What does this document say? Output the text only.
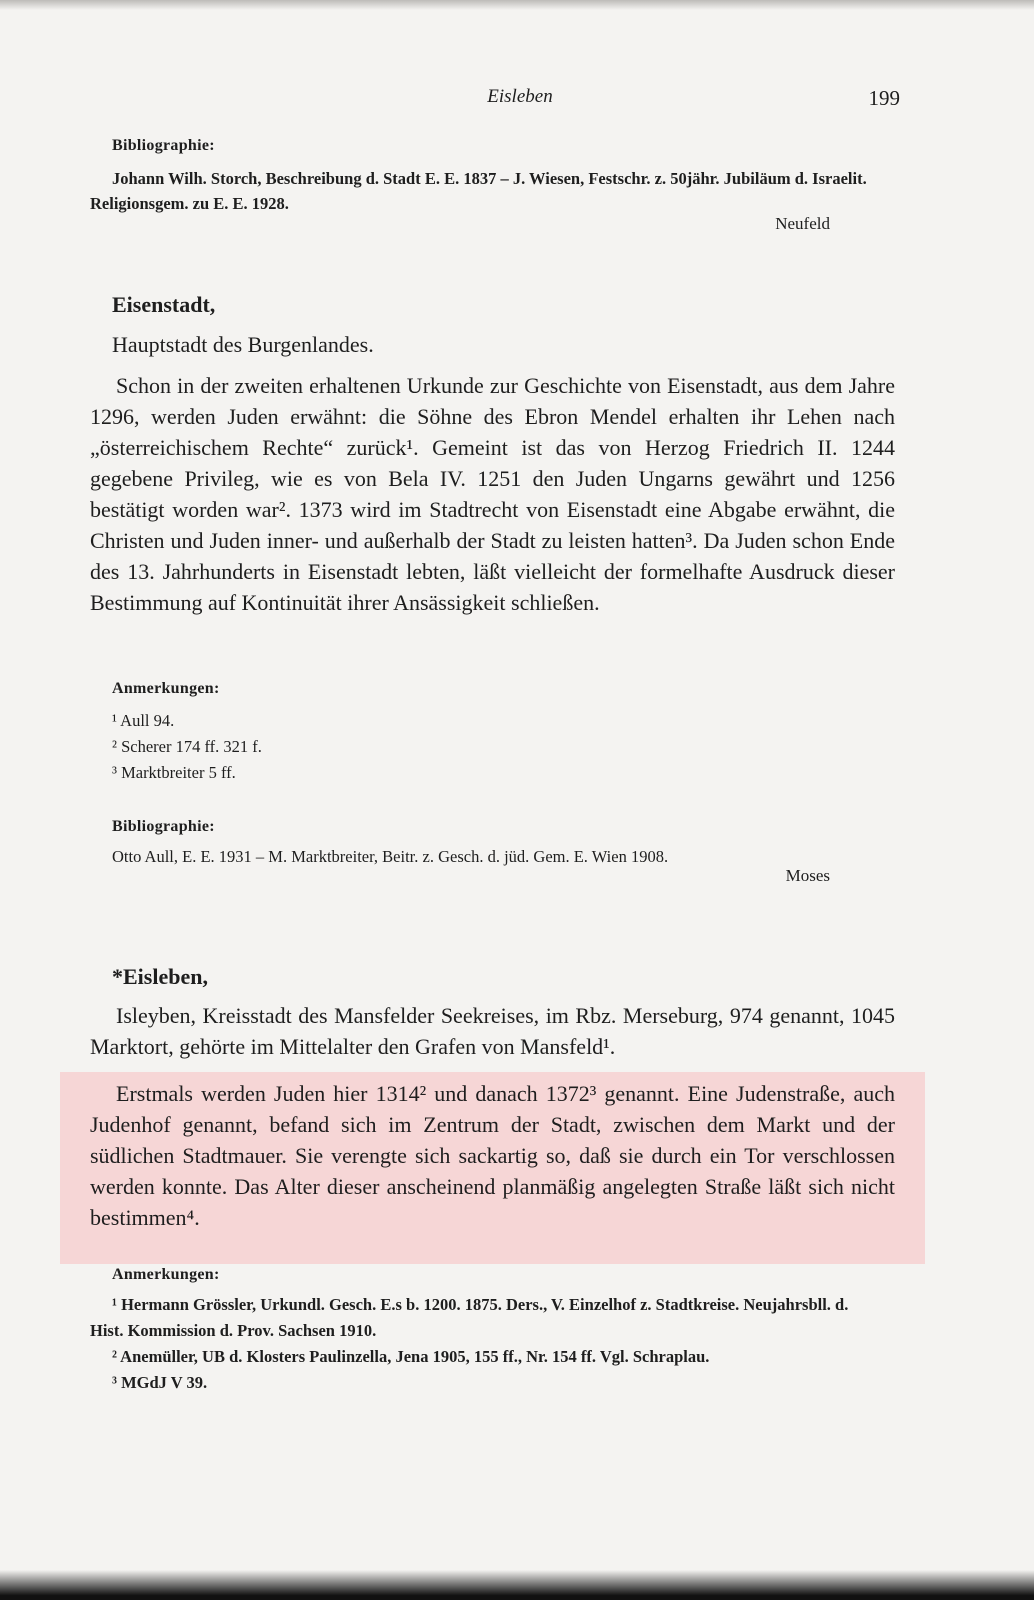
Eisleben	199
Bibliographie:
Johann Wilh. Storch, Beschreibung d. Stadt E. E. 1837 – J. Wiesen, Festschr. z. 50jähr. Jubiläum d. Israelit. Religionsgem. zu E. E. 1928.
Neufeld
Eisenstadt,
Hauptstadt des Burgenlandes.

Schon in der zweiten erhaltenen Urkunde zur Geschichte von Eisenstadt, aus dem Jahre 1296, werden Juden erwähnt: die Söhne des Ebron Mendel erhalten ihr Lehen nach „österreichischem Rechte“ zurück¹. Gemeint ist das von Herzog Friedrich II. 1244 gegebene Privileg, wie es von Bela IV. 1251 den Juden Ungarns gewährt und 1256 bestätigt worden war². 1373 wird im Stadtrecht von Eisenstadt eine Abgabe erwähnt, die Christen und Juden inner- und außerhalb der Stadt zu leisten hatten³. Da Juden schon Ende des 13. Jahrhunderts in Eisenstadt lebten, läßt vielleicht der formelhafte Ausdruck dieser Bestimmung auf Kontinuität ihrer Ansässigkeit schließen.

Anmerkungen:
¹ Aull 94.
² Scherer 174 ff. 321 f.
³ Marktbreiter 5 ff.
Bibliographie:
Otto Aull, E. E. 1931 – M. Marktbreiter, Beitr. z. Gesch. d. jüd. Gem. E. Wien 1908.
Moses
*Eisleben,

Isleyben, Kreisstadt des Mansfelder Seekreises, im Rbz. Merseburg, 974 genannt, 1045 Marktort, gehörte im Mittelalter den Grafen von Mansfeld¹.

Erstmals werden Juden hier 1314² und danach 1372³ genannt. Eine Judenstraße, auch Judenhof genannt, befand sich im Zentrum der Stadt, zwischen dem Markt und der südlichen Stadtmauer. Sie verengte sich sackartig so, daß sie durch ein Tor verschlossen werden konnte. Das Alter dieser anscheinend planmäßig angelegten Straße läßt sich nicht bestimmen⁴.

Anmerkungen:
¹ Hermann Grössler, Urkundl. Gesch. E.s b. 1200. 1875. Ders., V. Einzelhof z. Stadtkreise. Neujahrsbll. d. Hist. Kommission d. Prov. Sachsen 1910.
² Anemüller, UB d. Klosters Paulinzella, Jena 1905, 155 ff., Nr. 154 ff. Vgl. Schraplau.
³ MGdJ V 39.
